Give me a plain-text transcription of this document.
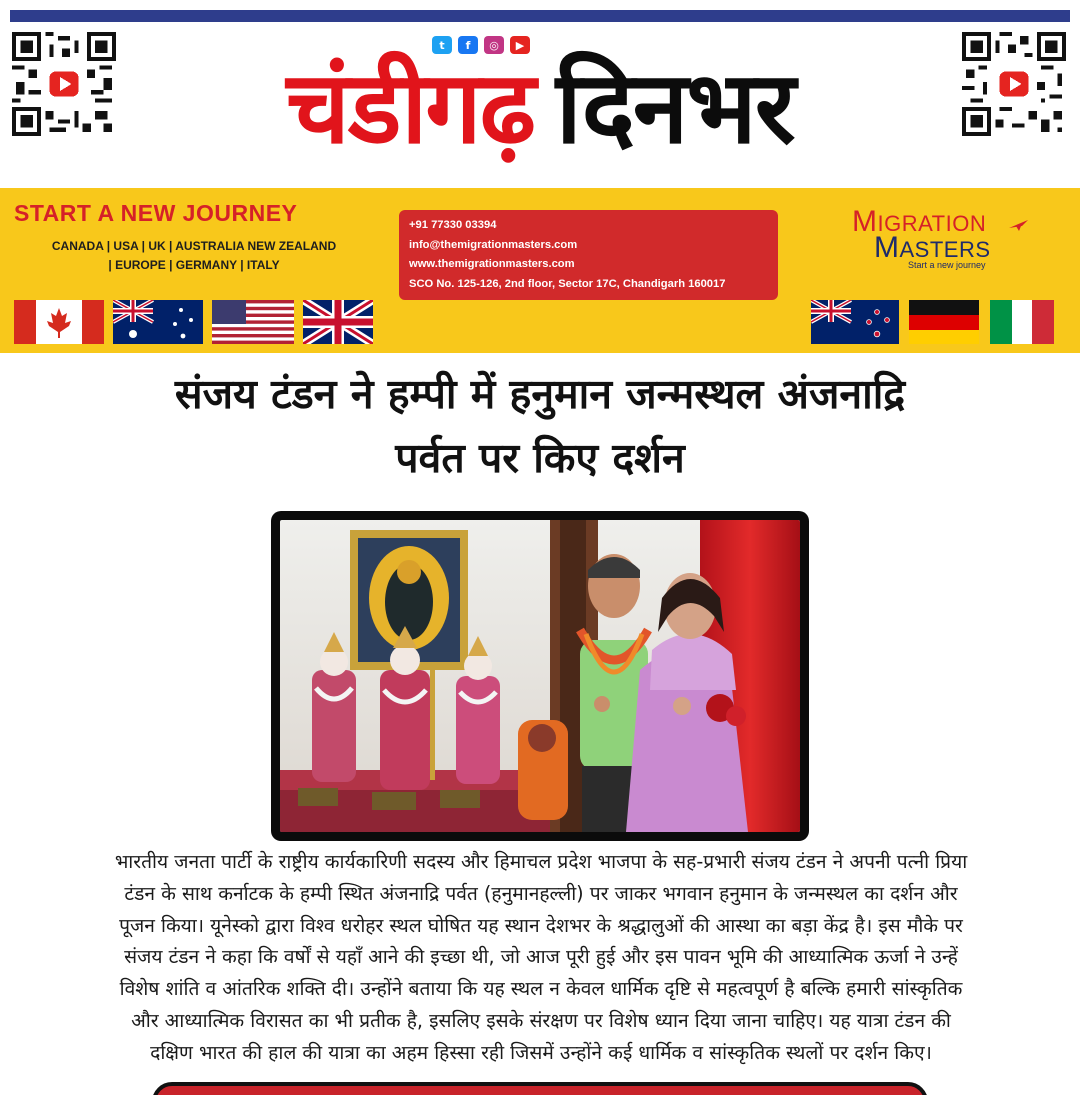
t	f	◎	▶
चंडीगढ़ दिनभर
START A NEW JOURNEY
CANADA | USA | UK | AUSTRALIA NEW ZEALAND
| EUROPE | GERMANY | ITALY
+91 77330 03394
info@themigrationmasters.com
www.themigrationmasters.com
SCO No. 125-126, 2nd floor, Sector 17C, Chandigarh 160017
MIGRATION
MASTERS
Start a new journey
संजय टंडन ने हम्पी में हनुमान जन्मस्थल अंजनाद्रि
पर्वत पर किए दर्शन
भारतीय जनता पार्टी के राष्ट्रीय कार्यकारिणी सदस्य और हिमाचल प्रदेश भाजपा के सह-प्रभारी संजय टंडन ने अपनी पत्नी प्रिया
टंडन के साथ कर्नाटक के हम्पी स्थित अंजनाद्रि पर्वत (हनुमानहल्ली) पर जाकर भगवान हनुमान के जन्मस्थल का दर्शन और
पूजन किया। यूनेस्को द्वारा विश्व धरोहर स्थल घोषित यह स्थान देशभर के श्रद्धालुओं की आस्था का बड़ा केंद्र है। इस मौके पर
संजय टंडन ने कहा कि वर्षों से यहाँ आने की इच्छा थी, जो आज पूरी हुई और इस पावन भूमि की आध्यात्मिक ऊर्जा ने उन्हें
विशेष शांति व आंतरिक शक्ति दी। उन्होंने बताया कि यह स्थल न केवल धार्मिक दृष्टि से महत्वपूर्ण है बल्कि हमारी सांस्कृतिक
और आध्यात्मिक विरासत का भी प्रतीक है, इसलिए इसके संरक्षण पर विशेष ध्यान दिया जाना चाहिए। यह यात्रा टंडन की
दक्षिण भारत की हाल की यात्रा का अहम हिस्सा रही जिसमें उन्होंने कई धार्मिक व सांस्कृतिक स्थलों पर दर्शन किए।
